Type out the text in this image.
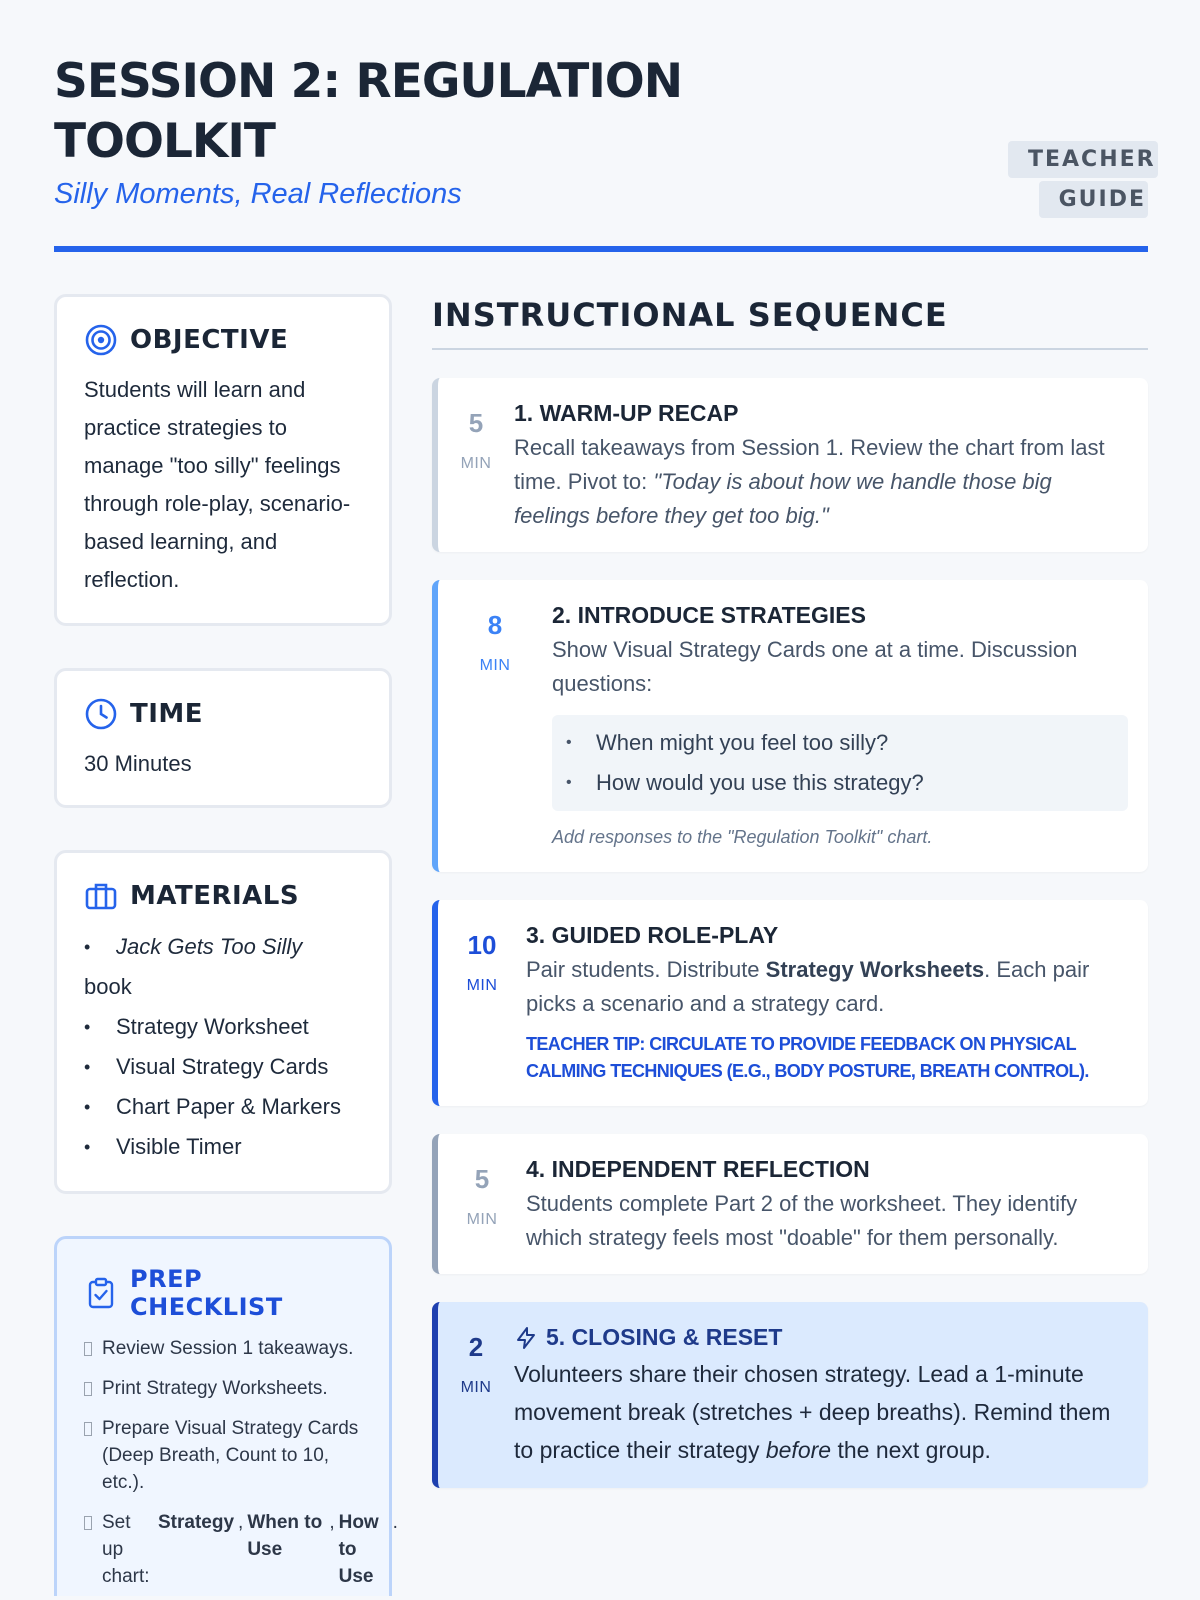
SESSION 2: REGULATION TOOLKIT
Silly Moments, Real Reflections
TEACHER
GUIDE
OBJECTIVE

Students will learn and practice strategies to manage "too silly" feelings through role-play, scenario-based learning, and reflection.

TIME

30 Minutes

MATERIALS
• Jack Gets Too Silly
book
• Strategy Worksheet
• Visual Strategy Cards
• Chart Paper & Markers
• Visible Timer
PREP CHECKLIST
Review Session 1 takeaways.
Print Strategy Worksheets.
Prepare Visual Strategy Cards (Deep Breath, Count to 10, etc.).
Set up chart:
Strategy , When to Use
, How to Use
.
INSTRUCTIONAL SEQUENCE
5
MIN
1. WARM-UP RECAP

Recall takeaways from Session 1. Review the chart from last time. Pivot to: "Today is about how we handle those big feelings before they get too big."

8
MIN
2. INTRODUCE STRATEGIES

Show Visual Strategy Cards one at a time. Discussion questions:

• When might you feel too silly?
• How would you use this strategy?

Add responses to the "Regulation Toolkit" chart.

10
MIN
3. GUIDED ROLE-PLAY

Pair students. Distribute Strategy Worksheets. Each pair picks a scenario and a strategy card.

TEACHER TIP: CIRCULATE TO PROVIDE FEEDBACK ON PHYSICAL CALMING TECHNIQUES (E.G., BODY POSTURE, BREATH CONTROL).

5
MIN
4. INDEPENDENT REFLECTION

Students complete Part 2 of the worksheet. They identify which strategy feels most "doable" for them personally.

2
MIN
5. CLOSING & RESET

Volunteers share their chosen strategy. Lead a 1-minute movement break (stretches + deep breaths). Remind them to practice their strategy before the next group.
